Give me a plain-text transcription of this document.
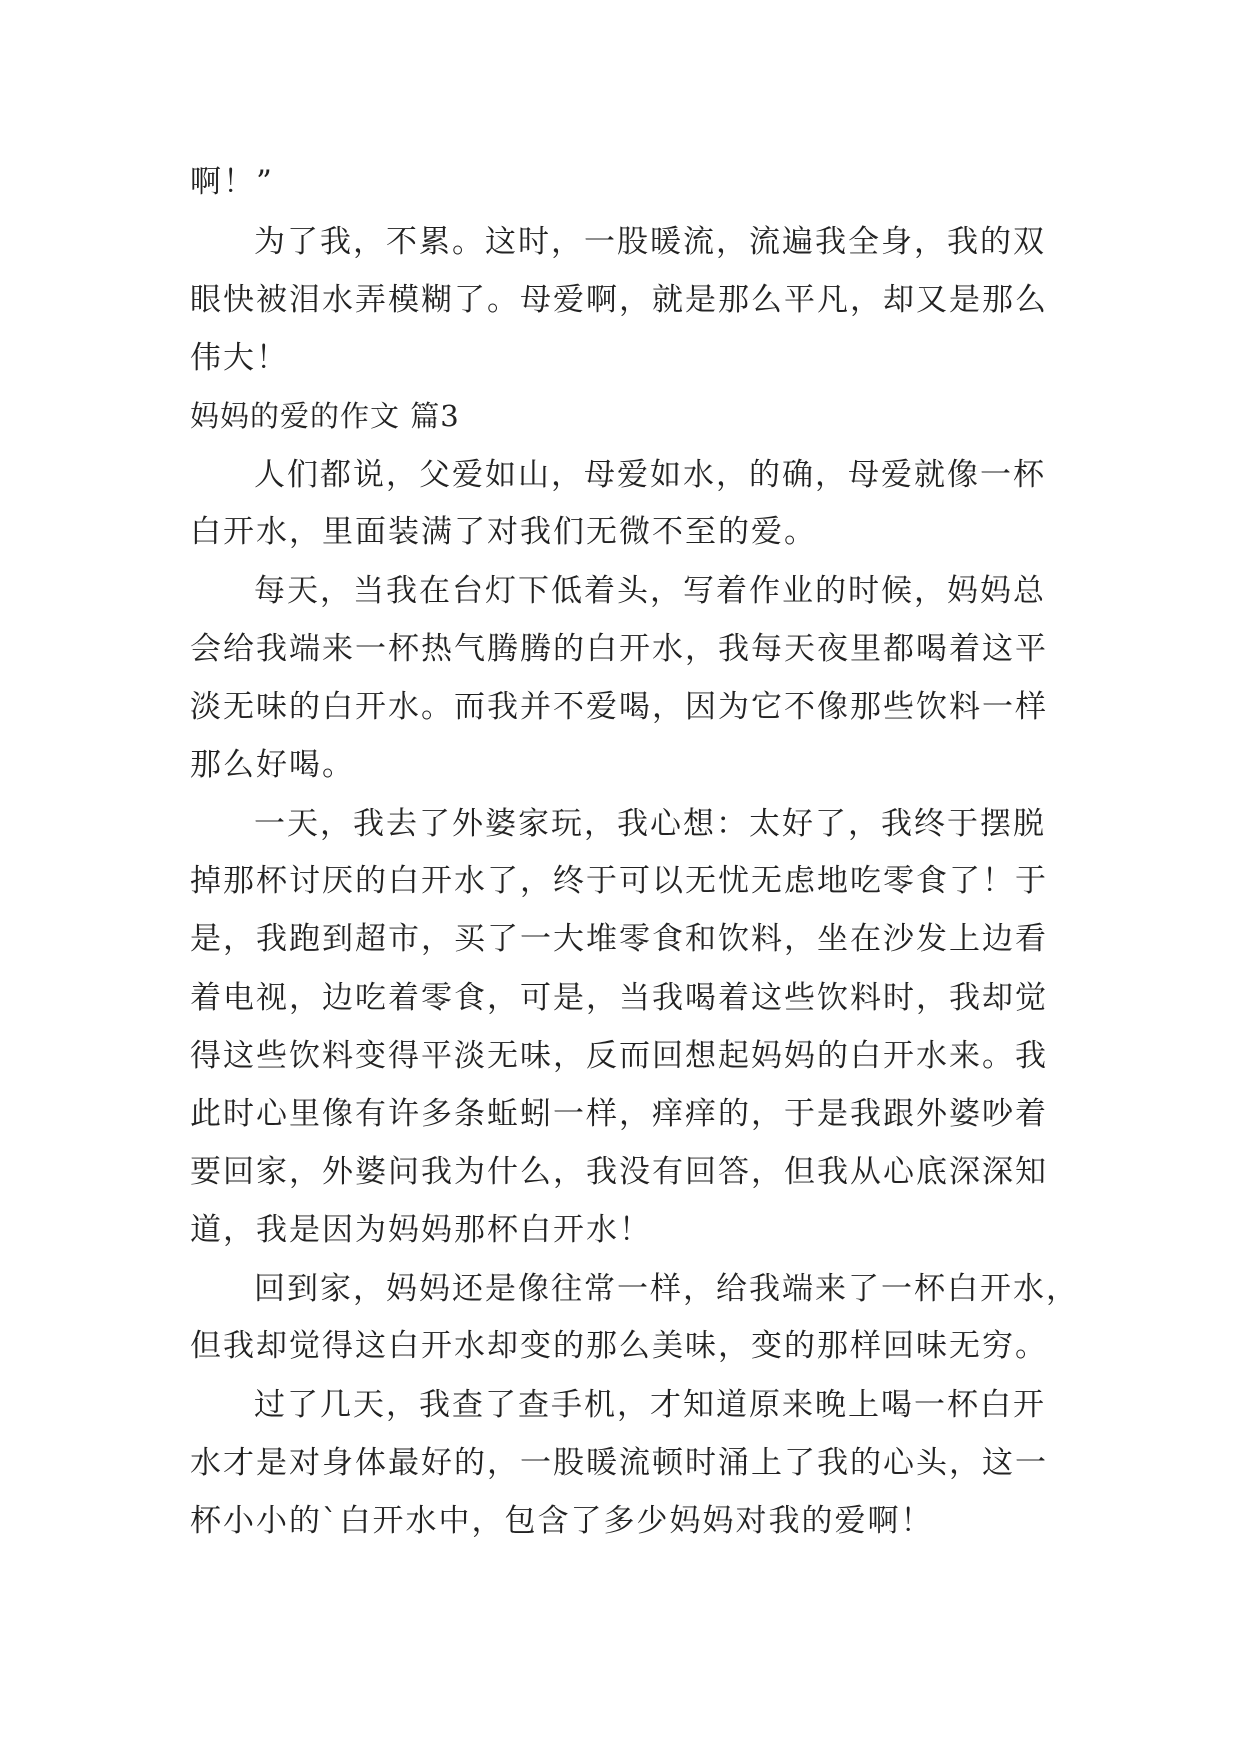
啊！”

为了我，不累。这时，一股暖流，流遍我全身，我的双

眼快被泪水弄模糊了。母爱啊，就是那么平凡，却又是那么

伟大！

妈妈的爱的作文 篇3

人们都说，父爱如山，母爱如水，的确，母爱就像一杯

白开水，里面装满了对我们无微不至的爱。

每天，当我在台灯下低着头，写着作业的时候，妈妈总

会给我端来一杯热气腾腾的白开水，我每天夜里都喝着这平

淡无味的白开水。而我并不爱喝，因为它不像那些饮料一样

那么好喝。

一天，我去了外婆家玩，我心想：太好了，我终于摆脱

掉那杯讨厌的白开水了，终于可以无忧无虑地吃零食了！于

是，我跑到超市，买了一大堆零食和饮料，坐在沙发上边看

着电视，边吃着零食，可是，当我喝着这些饮料时，我却觉

得这些饮料变得平淡无味，反而回想起妈妈的白开水来。我

此时心里像有许多条蚯蚓一样，痒痒的，于是我跟外婆吵着

要回家，外婆问我为什么，我没有回答，但我从心底深深知

道，我是因为妈妈那杯白开水！

回到家，妈妈还是像往常一样，给我端来了一杯白开水，

但我却觉得这白开水却变的那么美味，变的那样回味无穷。

过了几天，我查了查手机，才知道原来晚上喝一杯白开

水才是对身体最好的，一股暖流顿时涌上了我的心头，这一

杯小小的`白开水中，包含了多少妈妈对我的爱啊！
